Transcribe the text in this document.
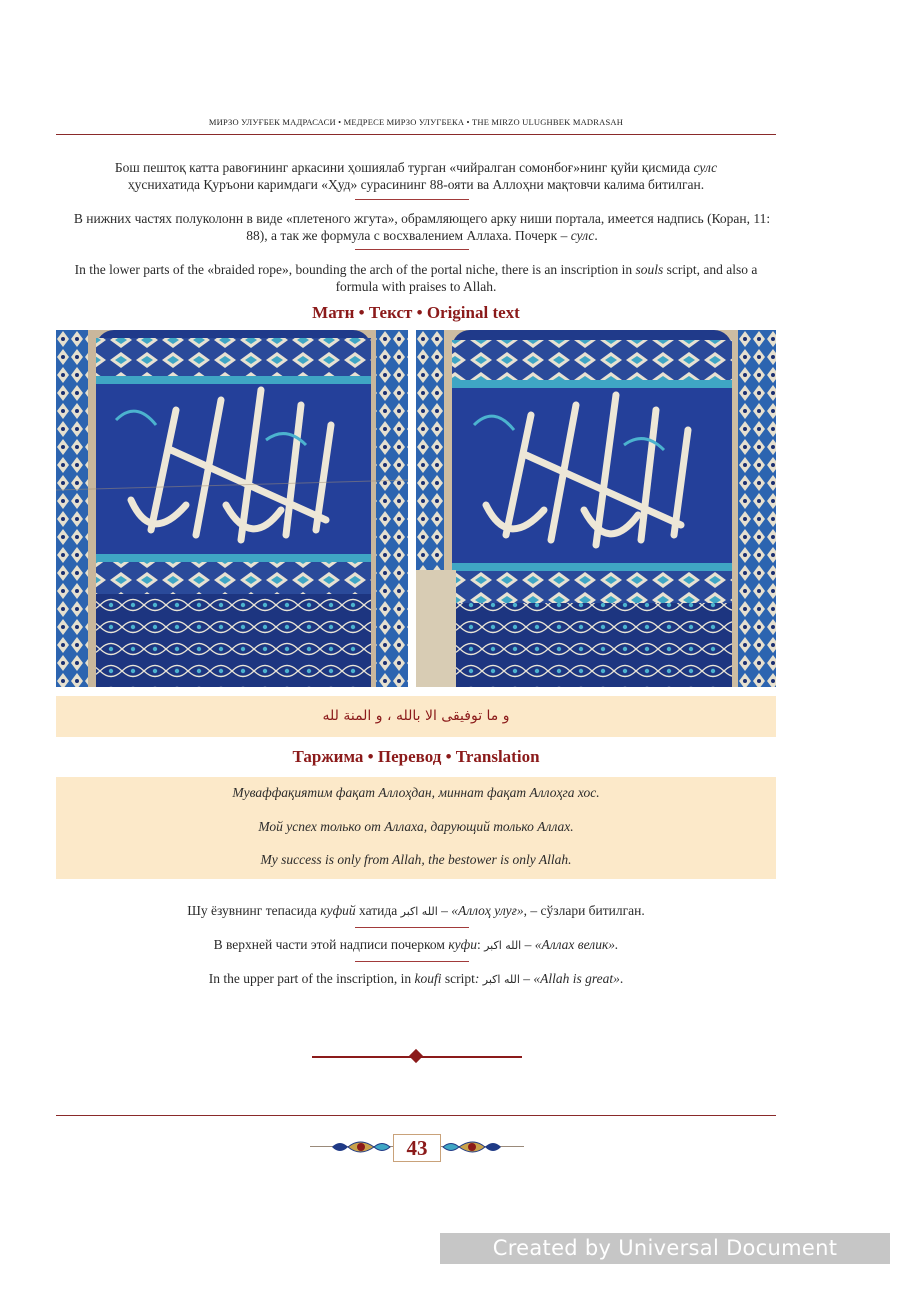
МИРЗО УЛУҒБЕК МАДРАСАСИ • МЕДРЕСЕ МИРЗО УЛУГБЕКА • THE MIRZO ULUGHBEK MADRASAH
Бош пештоқ катта равоғининг аркасини ҳошиялаб турган «чийралган сомонбоғ»нинг қуйи қисмида сулс
ҳуснихатида Қуръони каримдаги «Ҳуд» сурасининг 88-ояти ва Аллоҳни мақтовчи калима битилган.
В нижних частях полуколонн в виде «плетеного жгута», обрамляющего арку ниши портала, имеется надпись (Коран, 11: 88), а так же формула с восхвалением Аллаха. Почерк – сулс.
In the lower parts of the «braided rope», bounding the arch of the portal niche, there is an inscription in souls script, and also a formula with praises to Allah.
Матн • Текст • Original text
و ما توفيقى الا بالله ، و المنة لله
Таржима • Перевод • Translation
Муваффақиятим фақат Аллоҳдан, миннат фақат Аллоҳга хос.
Мой успех только от Аллаха, дарующий только Аллах.
My success is only from Allah, the bestower is only Allah.
Шу ёзувнинг тепасида куфий хатида الله اكبر – «Аллоҳ улуғ», – сўзлари битилган.
В верхней части этой надписи почерком куфи: الله اكبر – «Аллах велик».
In the upper part of the inscription, in koufi script: الله اكبر – «Allah is great».
43
Created by Universal Document Converter
